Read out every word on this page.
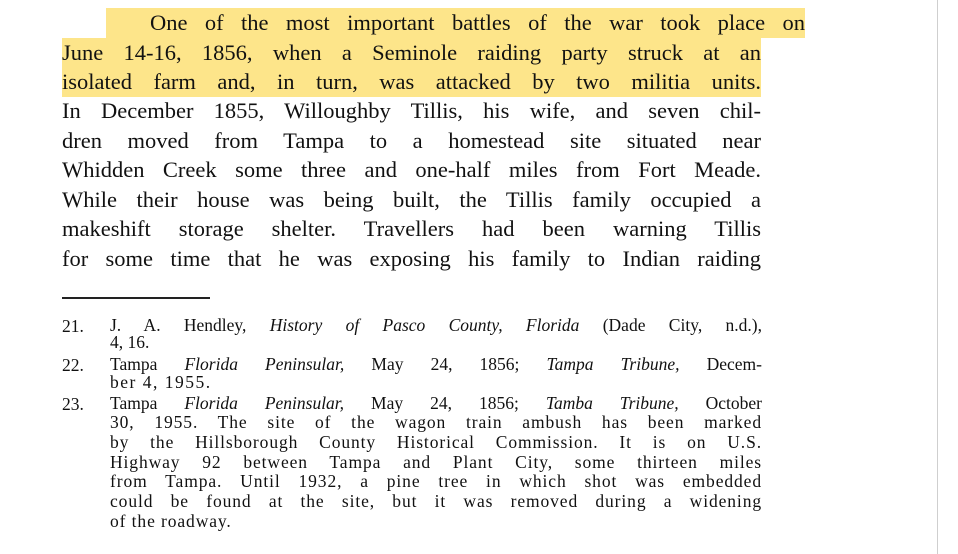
One of the most important battles of the war took place on
June 14-16, 1856, when a Seminole raiding party struck at an
isolated farm and, in turn, was attacked by two militia units.
In December 1855, Willoughby Tillis, his wife, and seven chil-
dren moved from Tampa to a homestead site situated near
Whidden Creek some three and one-half miles from Fort Meade.
While their house was being built, the Tillis family occupied a
makeshift storage shelter. Travellers had been warning Tillis
for some time that he was exposing his family to Indian raiding
21.	J. A. Hendley, History of Pasco County, Florida (Dade City, n.d.),
4, 16.
22.	Tampa Florida Peninsular, May 24, 1856; Tampa Tribune, Decem-
ber 4, 1955.
23.	Tampa Florida Peninsular, May 24, 1856; Tamba Tribune, October
30, 1955. The site of the wagon train ambush has been marked
by the Hillsborough County Historical Commission. It is on U.S.
Highway 92 between Tampa and Plant City, some thirteen miles
from Tampa. Until 1932, a pine tree in which shot was embedded
could be found at the site, but it was removed during a widening
of the roadway.
